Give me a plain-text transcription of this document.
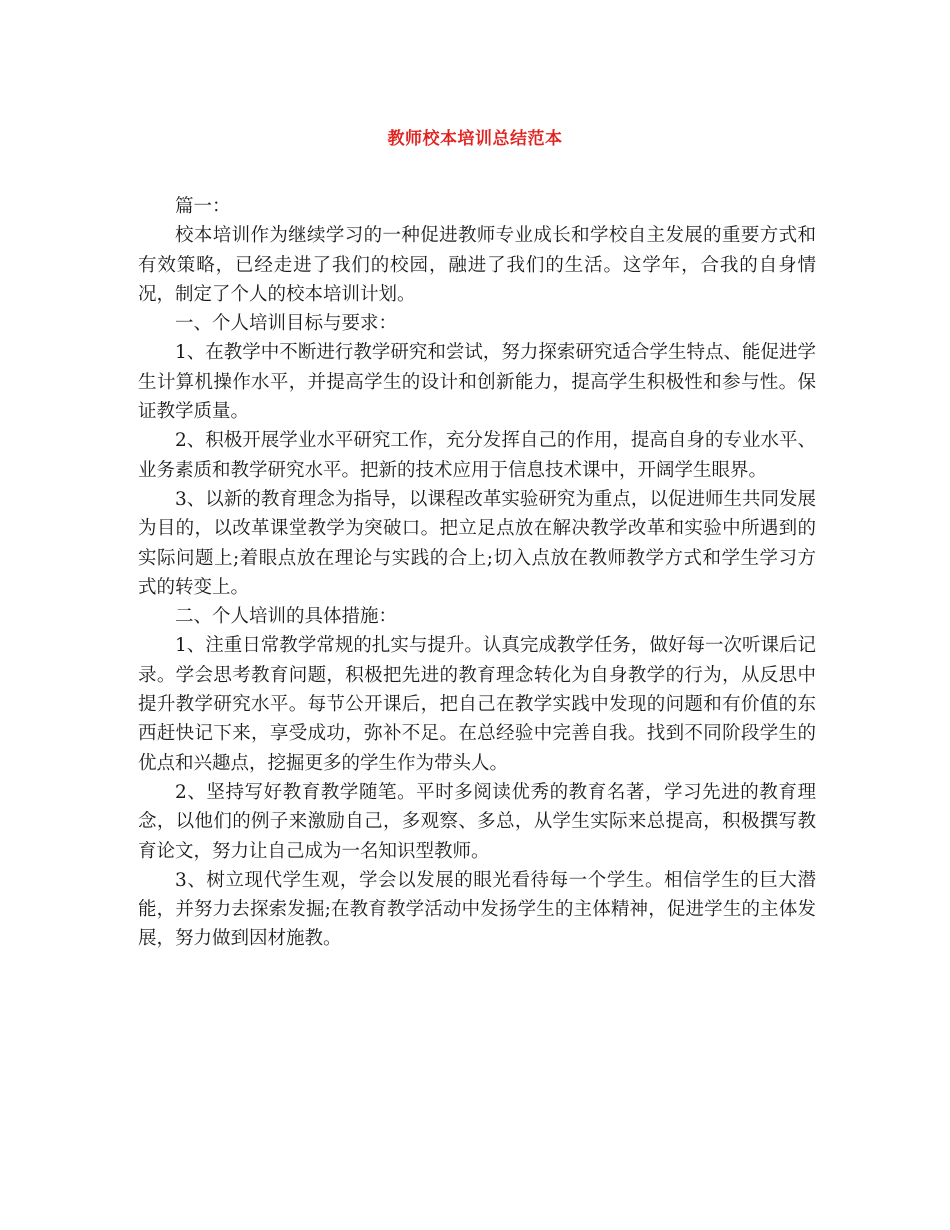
教师校本培训总结范本

篇一：

校本培训作为继续学习的一种促进教师专业成长和学校自主发展的重要方式和有效策略，已经走进了我们的校园，融进了我们的生活。这学年，合我的自身情况，制定了个人的校本培训计划。

一、个人培训目标与要求：

1、在教学中不断进行教学研究和尝试，努力探索研究适合学生特点、能促进学生计算机操作水平，并提高学生的设计和创新能力，提高学生积极性和参与性。保证教学质量。

2、积极开展学业水平研究工作，充分发挥自己的作用，提高自身的专业水平、业务素质和教学研究水平。把新的技术应用于信息技术课中，开阔学生眼界。

3、以新的教育理念为指导，以课程改革实验研究为重点，以促进师生共同发展为目的，以改革课堂教学为突破口。把立足点放在解决教学改革和实验中所遇到的实际问题上;着眼点放在理论与实践的合上;切入点放在教师教学方式和学生学习方式的转变上。

二、个人培训的具体措施：

1、注重日常教学常规的扎实与提升。认真完成教学任务，做好每一次听课后记录。学会思考教育问题，积极把先进的教育理念转化为自身教学的行为，从反思中提升教学研究水平。每节公开课后，把自己在教学实践中发现的问题和有价值的东西赶快记下来，享受成功，弥补不足。在总经验中完善自我。找到不同阶段学生的优点和兴趣点，挖掘更多的学生作为带头人。

2、坚持写好教育教学随笔。平时多阅读优秀的教育名著，学习先进的教育理念，以他们的例子来激励自己，多观察、多总，从学生实际来总提高，积极撰写教育论文，努力让自己成为一名知识型教师。

3、树立现代学生观，学会以发展的眼光看待每一个学生。相信学生的巨大潜能，并努力去探索发掘;在教育教学活动中发扬学生的主体精神，促进学生的主体发展，努力做到因材施教。
